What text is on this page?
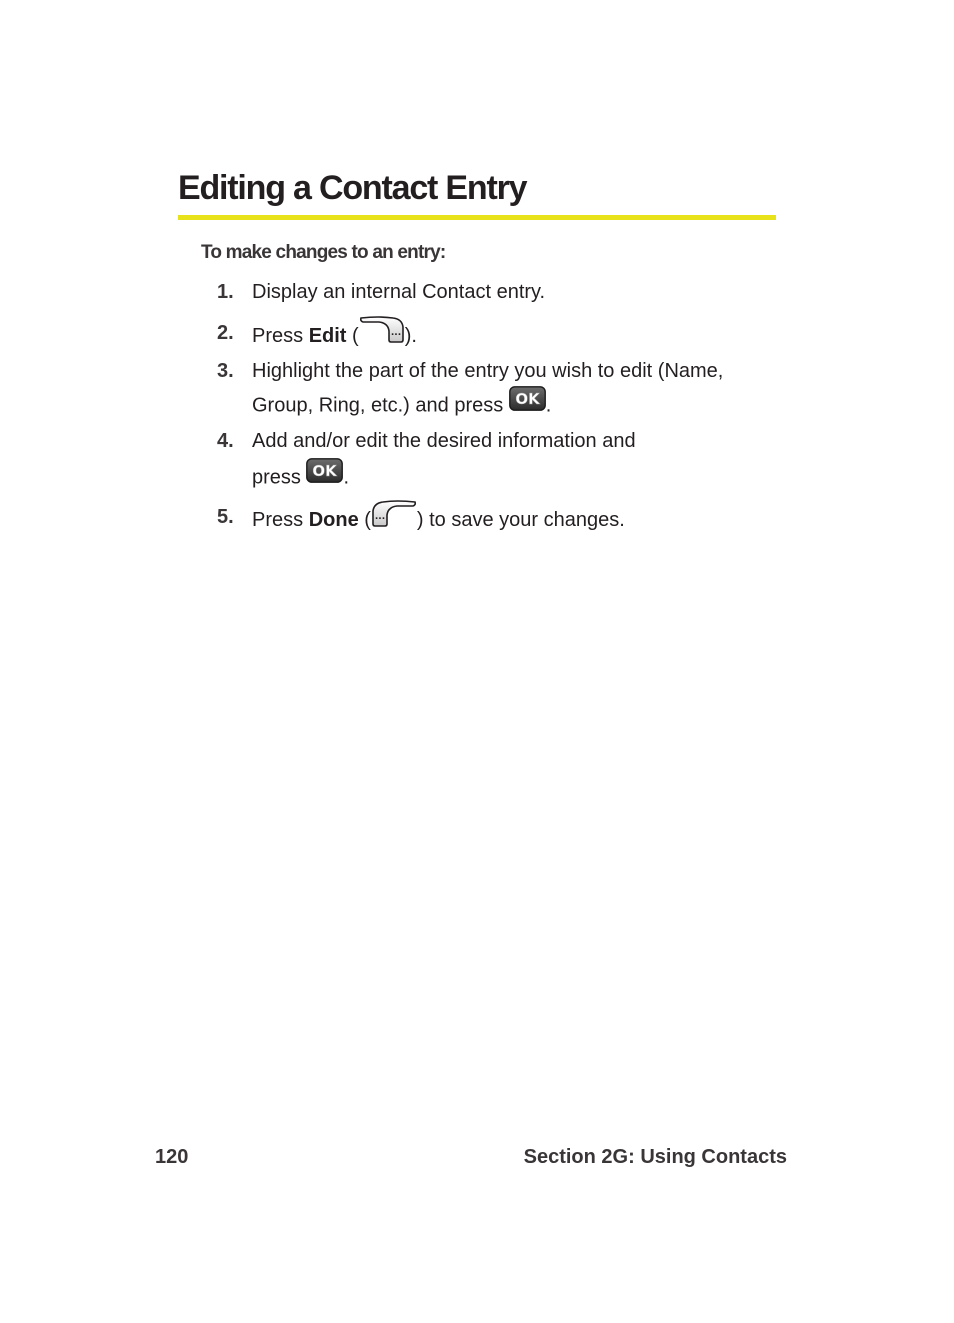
Editing a Contact Entry

To make changes to an entry:

1. Display an internal Contact entry.
2. Press Edit (	... ).
3. Highlight the part of the entry you wish to edit (Name,
Group, Ring, etc.) and press OK .
4. Add and/or edit the desired information and
press OK .
5. Press Done ( ... ) to save your changes.
120	Section 2G: Using Contacts
